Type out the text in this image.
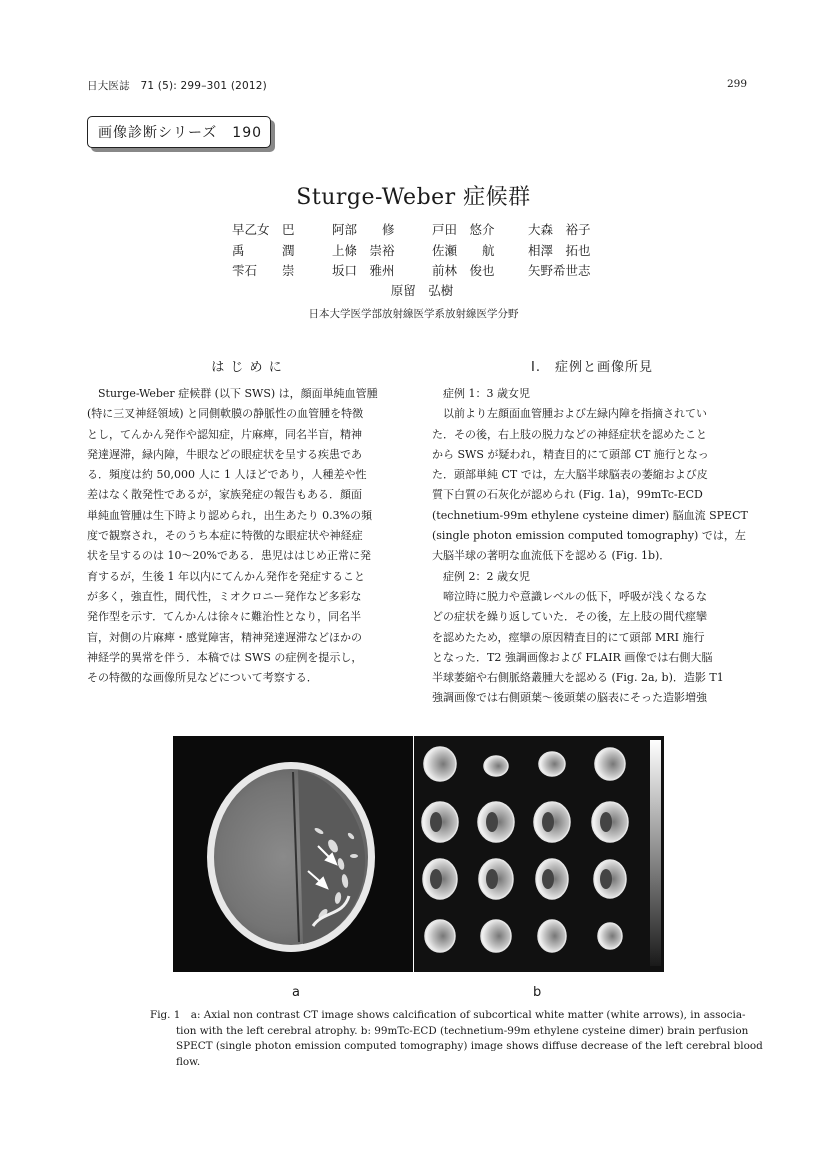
日大医誌　71 (5): 299–301 (2012)	299
画像診断シリーズ　190
Sturge-Weber 症候群
早乙女　巴	阿部　　修	戸田　悠介	大森　裕子
禹　　　潤	上條　崇裕	佐瀬　　航	相澤　拓也
雫石　　崇	坂口　雅州	前林　俊也	矢野希世志
原留　弘樹
日本大学医学部放射線医学系放射線医学分野
は じ め に
　Sturge-Weber 症候群 (以下 SWS) は，顔面単純血管腫
(特に三叉神経領域) と同側軟膜の静脈性の血管腫を特徴
とし，てんかん発作や認知症，片麻痺，同名半盲，精神
発達遅滞，緑内障，牛眼などの眼症状を呈する疾患であ
る．頻度は約 50,000 人に 1 人ほどであり，人種差や性
差はなく散発性であるが，家族発症の報告もある．顔面
単純血管腫は生下時より認められ，出生あたり 0.3%の頻
度で観察され，そのうち本症に特徴的な眼症状や神経症
状を呈するのは 10～20%である．患児ははじめ正常に発
育するが，生後 1 年以内にてんかん発作を発症すること
が多く，強直性，間代性，ミオクロニー発作など多彩な
発作型を示す．てんかんは徐々に難治性となり，同名半
盲，対側の片麻痺・感覚障害，精神発達遅滞などほかの
神経学的異常を伴う．本稿では SWS の症例を提示し，
その特徴的な画像所見などについて考察する．
I.　症例と画像所見
　症例 1：3 歳女児
　以前より左顔面血管腫および左緑内障を指摘されてい
た．その後，右上肢の脱力などの神経症状を認めたこと
から SWS が疑われ，精査目的にて頭部 CT 施行となっ
た．頭部単純 CT では，左大脳半球脳表の萎縮および皮
質下白質の石灰化が認められ (Fig. 1a)，99mTc-ECD
(technetium-99m ethylene cysteine dimer) 脳血流 SPECT
(single photon emission computed tomography) では，左
大脳半球の著明な血流低下を認める (Fig. 1b)．
　症例 2：2 歳女児
　啼泣時に脱力や意識レベルの低下，呼吸が浅くなるな
どの症状を繰り返していた．その後，左上肢の間代痙攣
を認めたため，痙攣の原因精査目的にて頭部 MRI 施行
となった．T2 強調画像および FLAIR 画像では右側大脳
半球萎縮や右側脈絡叢腫大を認める (Fig. 2a, b)．造影 T1
強調画像では右側頭葉～後頭葉の脳表にそった造影増強
a	b
Fig. 1　a: Axial non contrast CT image shows calcification of subcortical white matter (white arrows), in associa-
tion with the left cerebral atrophy. b: 99mTc-ECD (technetium-99m ethylene cysteine dimer) brain perfusion
SPECT (single photon emission computed tomography) image shows diffuse decrease of the left cerebral blood
flow.
